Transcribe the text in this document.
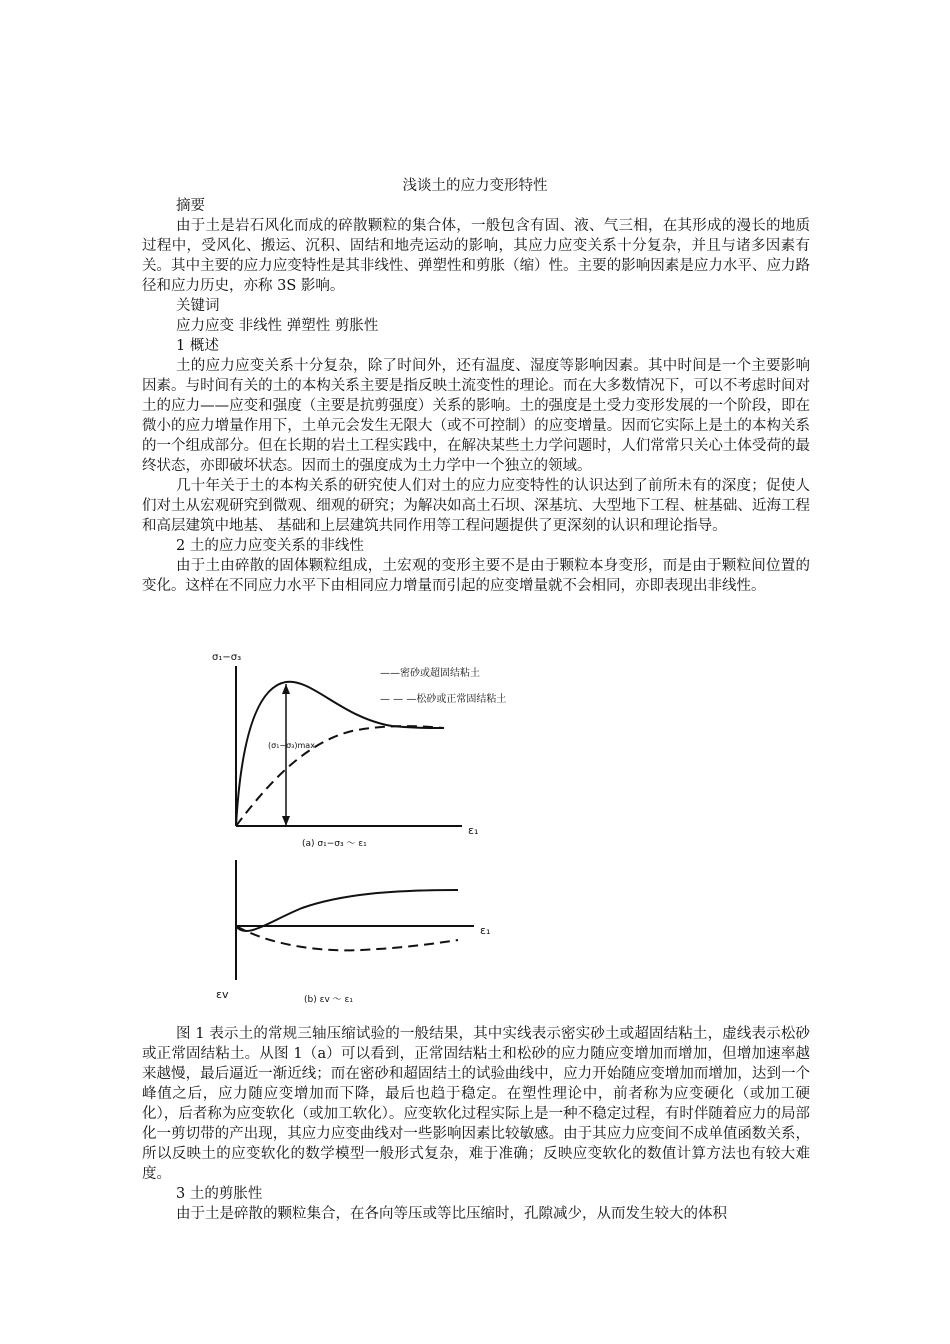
浅谈土的应力变形特性
摘要

由于土是岩石风化而成的碎散颗粒的集合体，一般包含有固、液、气三相，在其形成的漫长的地质过程中，受风化、搬运、沉积、固结和地壳运动的影响，其应力应变关系十分复杂，并且与诸多因素有关。其中主要的应力应变特性是其非线性、弹塑性和剪胀（缩）性。主要的影响因素是应力水平、应力路径和应力历史，亦称 3S 影响。

关键词
应力应变 非线性 弹塑性 剪胀性
1 概述

土的应力应变关系十分复杂，除了时间外，还有温度、湿度等影响因素。其中时间是一个主要影响因素。与时间有关的土的本构关系主要是指反映土流变性的理论。而在大多数情况下，可以不考虑时间对土的应力——应变和强度（主要是抗剪强度）关系的影响。土的强度是土受力变形发展的一个阶段，即在微小的应力增量作用下，土单元会发生无限大（或不可控制）的应变增量。因而它实际上是土的本构关系的一个组成部分。但在长期的岩土工程实践中，在解决某些土力学问题时，人们常常只关心土体受荷的最终状态，亦即破坏状态。因而土的强度成为土力学中一个独立的领域。

几十年关于土的本构关系的研究使人们对土的应力应变特性的认识达到了前所未有的深度；促使人们对土从宏观研究到微观、细观的研究；为解决如高土石坝、深基坑、大型地下工程、桩基础、近海工程和高层建筑中地基、 基础和上层建筑共同作用等工程问题提供了更深刻的认识和理论指导。

2 土的应力应变关系的非线性

由于土由碎散的固体颗粒组成，土宏观的变形主要不是由于颗粒本身变形，而是由于颗粒间位置的变化。这样在不同应力水平下由相同应力增量而引起的应变增量就不会相同，亦即表现出非线性。

σ₁−σ₃
ε₁
(σ₁−σ₃)max
——密砂或超固结粘土
— — —松砂或正常固结粘土
(a) σ₁−σ₃ ～ ε₁
ε₁
εv	(b) εv ～ ε₁

图 1 表示土的常规三轴压缩试验的一般结果，其中实线表示密实砂土或超固结粘土，虚线表示松砂或正常固结粘土。从图 1（a）可以看到，正常固结粘土和松砂的应力随应变增加而增加，但增加速率越来越慢，最后逼近一渐近线；而在密砂和超固结土的试验曲线中，应力开始随应变增加而增加，达到一个峰值之后，应力随应变增加而下降，最后也趋于稳定。在塑性理论中，前者称为应变硬化（或加工硬化），后者称为应变软化（或加工软化）。应变软化过程实际上是一种不稳定过程，有时伴随着应力的局部化一剪切带的产出现，其应力应变曲线对一些影响因素比较敏感。由于其应力应变间不成单值函数关系，所以反映土的应变软化的数学模型一般形式复杂，难于准确；反映应变软化的数值计算方法也有较大难度。

3 土的剪胀性

由于土是碎散的颗粒集合，在各向等压或等比压缩时，孔隙减少，从而发生较大的体积
